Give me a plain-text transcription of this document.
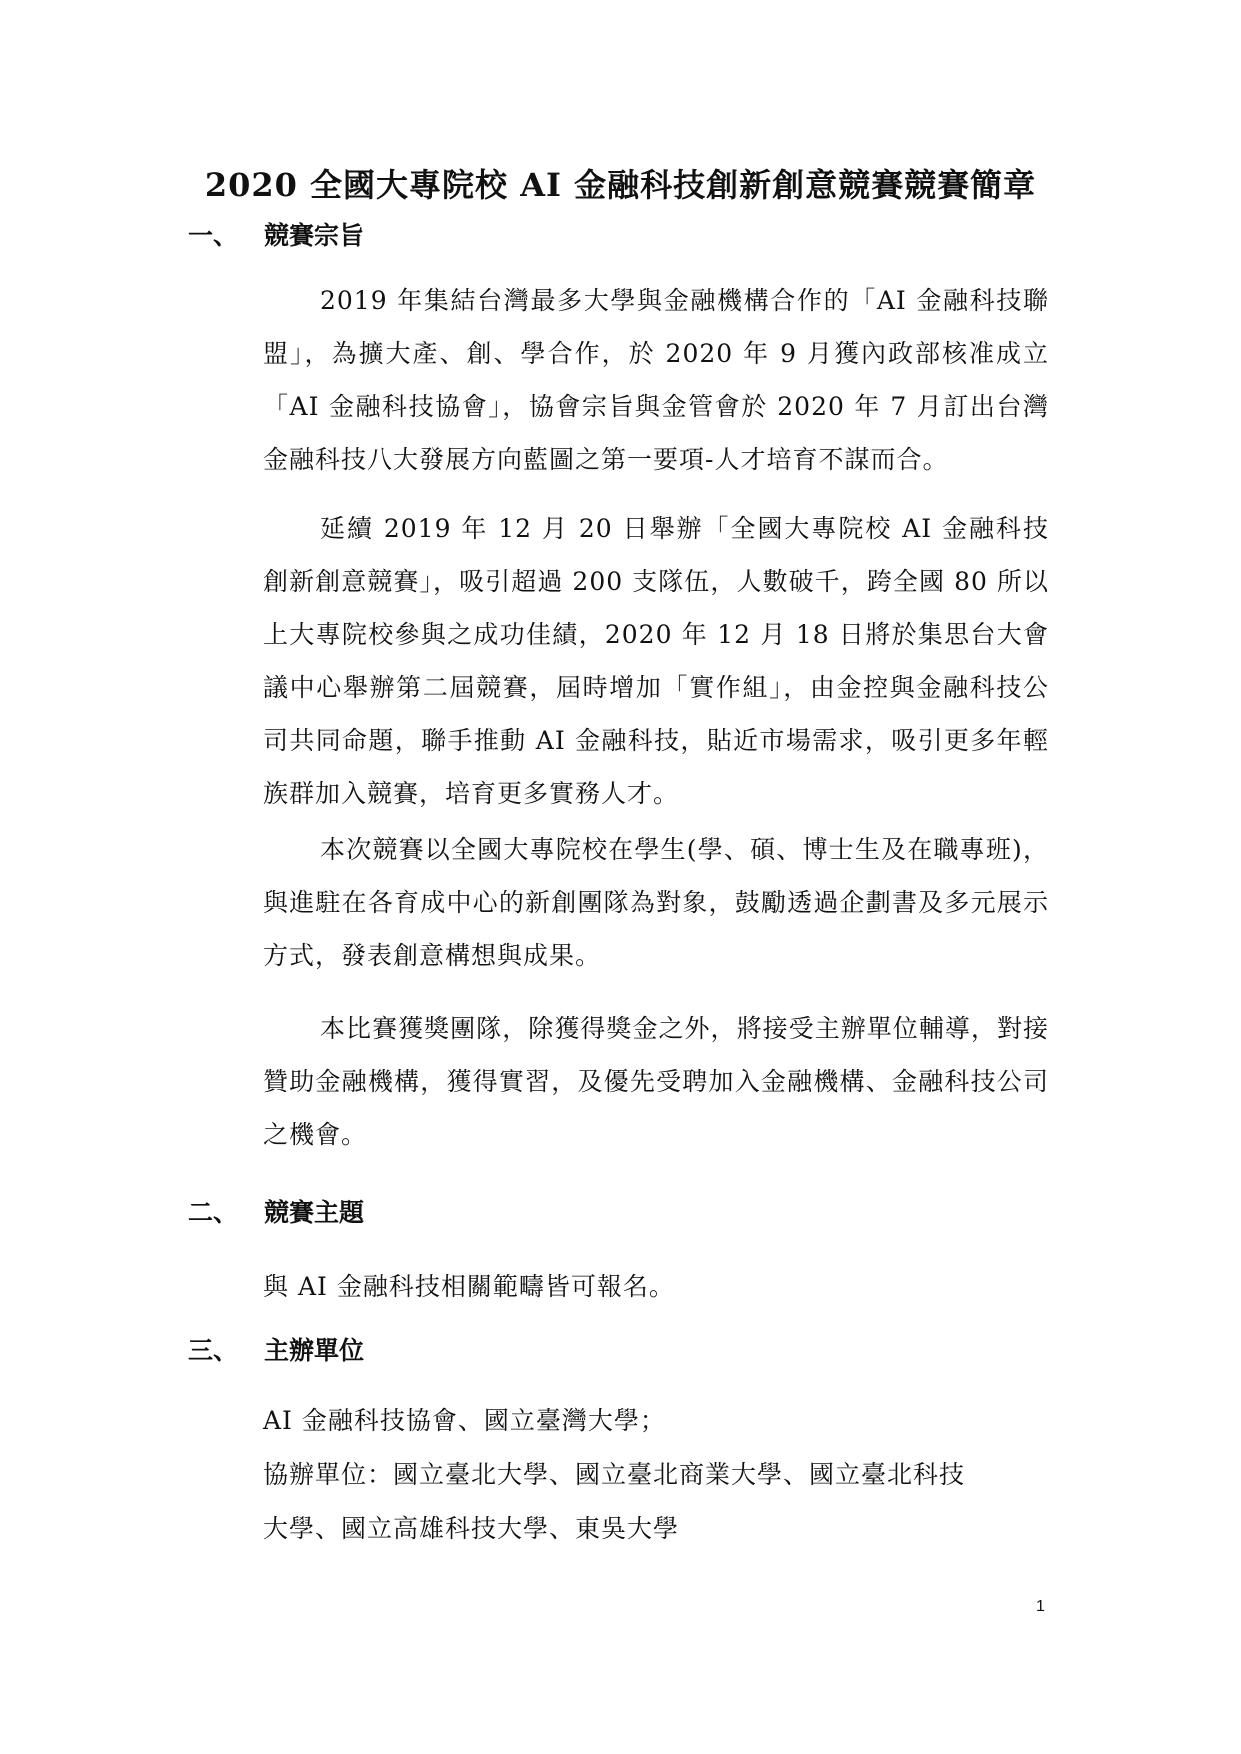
2020 全國大專院校 AI 金融科技創新創意競賽競賽簡章
一、	競賽宗旨

2019 年集結台灣最多大學與金融機構合作的「AI 金融科技聯盟」，為擴大產、創、學合作，於 2020 年 9 月獲內政部核准成立「AI 金融科技協會」，協會宗旨與金管會於 2020 年 7 月訂出台灣金融科技八大發展方向藍圖之第一要項-人才培育不謀而合。

延續 2019 年 12 月 20 日舉辦「全國大專院校 AI 金融科技創新創意競賽」，吸引超過 200 支隊伍，人數破千，跨全國 80 所以上大專院校參與之成功佳績，2020 年 12 月 18 日將於集思台大會議中心舉辦第二屆競賽，屆時增加「實作組」，由金控與金融科技公司共同命題，聯手推動 AI 金融科技，貼近市場需求，吸引更多年輕族群加入競賽，培育更多實務人才。

本次競賽以全國大專院校在學生(學、碩、博士生及在職專班)，與進駐在各育成中心的新創團隊為對象，鼓勵透過企劃書及多元展示方式，發表創意構想與成果。

本比賽獲獎團隊，除獲得獎金之外，將接受主辦單位輔導，對接贊助金融機構，獲得實習，及優先受聘加入金融機構、金融科技公司之機會。

二、	競賽主題

與 AI 金融科技相關範疇皆可報名。

三、	主辦單位

AI 金融科技協會、國立臺灣大學；

協辦單位：國立臺北大學、國立臺北商業大學、國立臺北科技

大學、國立高雄科技大學、東吳大學

1
